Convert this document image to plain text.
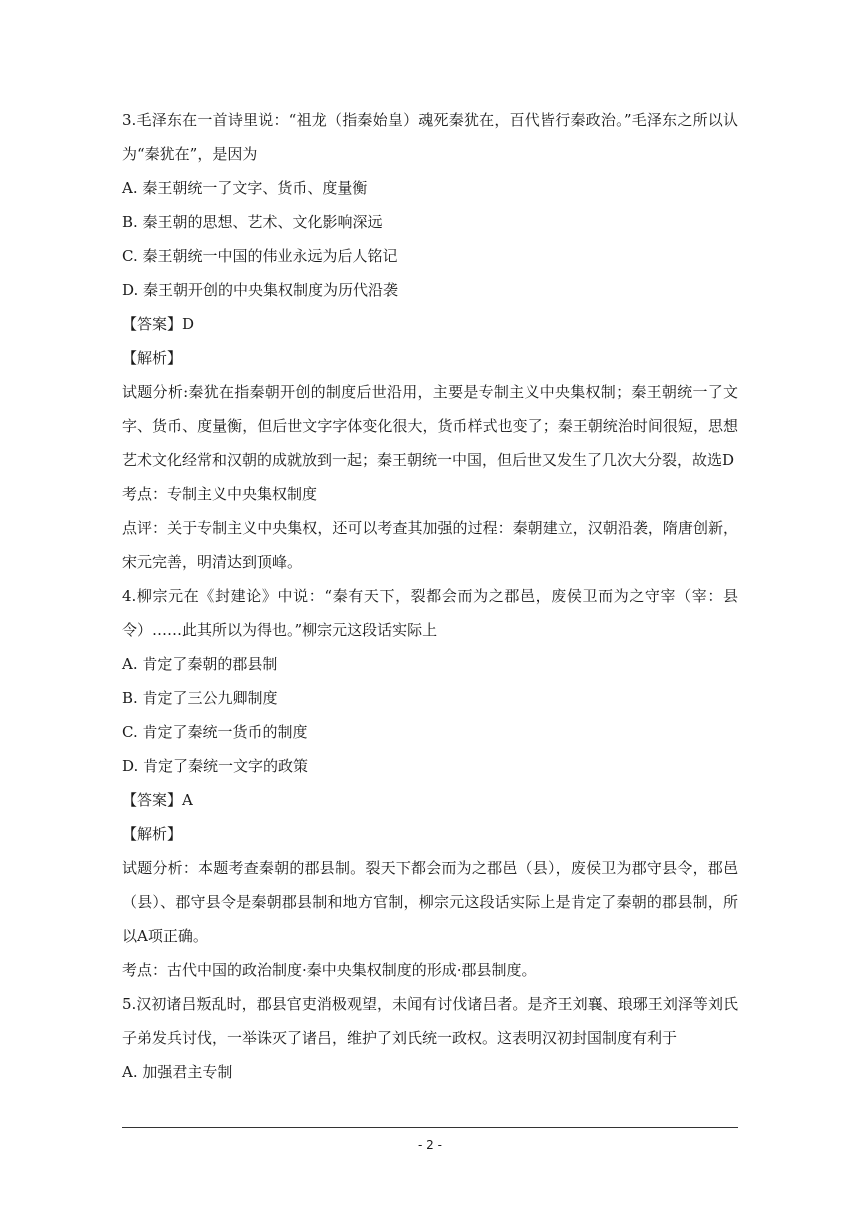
3.毛泽东在一首诗里说：“祖龙（指秦始皇）魂死秦犹在，百代皆行秦政治。”毛泽东之所以认为“秦犹在”，是因为

A. 秦王朝统一了文字、货币、度量衡

B. 秦王朝的思想、艺术、文化影响深远

C. 秦王朝统一中国的伟业永远为后人铭记

D. 秦王朝开创的中央集权制度为历代沿袭

【答案】D

【解析】

试题分析:秦犹在指秦朝开创的制度后世沿用，主要是专制主义中央集权制；秦王朝统一了文字、货币、度量衡，但后世文字字体变化很大，货币样式也变了；秦王朝统治时间很短，思想艺术文化经常和汉朝的成就放到一起；秦王朝统一中国，但后世又发生了几次大分裂，故选D

考点：专制主义中央集权制度

点评：关于专制主义中央集权，还可以考查其加强的过程：秦朝建立，汉朝沿袭，隋唐创新，宋元完善，明清达到顶峰。

4.柳宗元在《封建论》中说：“秦有天下，裂都会而为之郡邑，废侯卫而为之守宰（宰：县令）……此其所以为得也。”柳宗元这段话实际上

A. 肯定了秦朝的郡县制

B. 肯定了三公九卿制度

C. 肯定了秦统一货币的制度

D. 肯定了秦统一文字的政策

【答案】A

【解析】

试题分析：本题考查秦朝的郡县制。裂天下都会而为之郡邑（县），废侯卫为郡守县令，郡邑（县）、郡守县令是秦朝郡县制和地方官制，柳宗元这段话实际上是肯定了秦朝的郡县制，所以A项正确。

考点：古代中国的政治制度·秦中央集权制度的形成·郡县制度。

5.汉初诸吕叛乱时，郡县官吏消极观望，未闻有讨伐诸吕者。是齐王刘襄、琅琊王刘泽等刘氏子弟发兵讨伐，一举诛灭了诸吕，维护了刘氏统一政权。这表明汉初封国制度有利于

A. 加强君主专制

- 2 -
